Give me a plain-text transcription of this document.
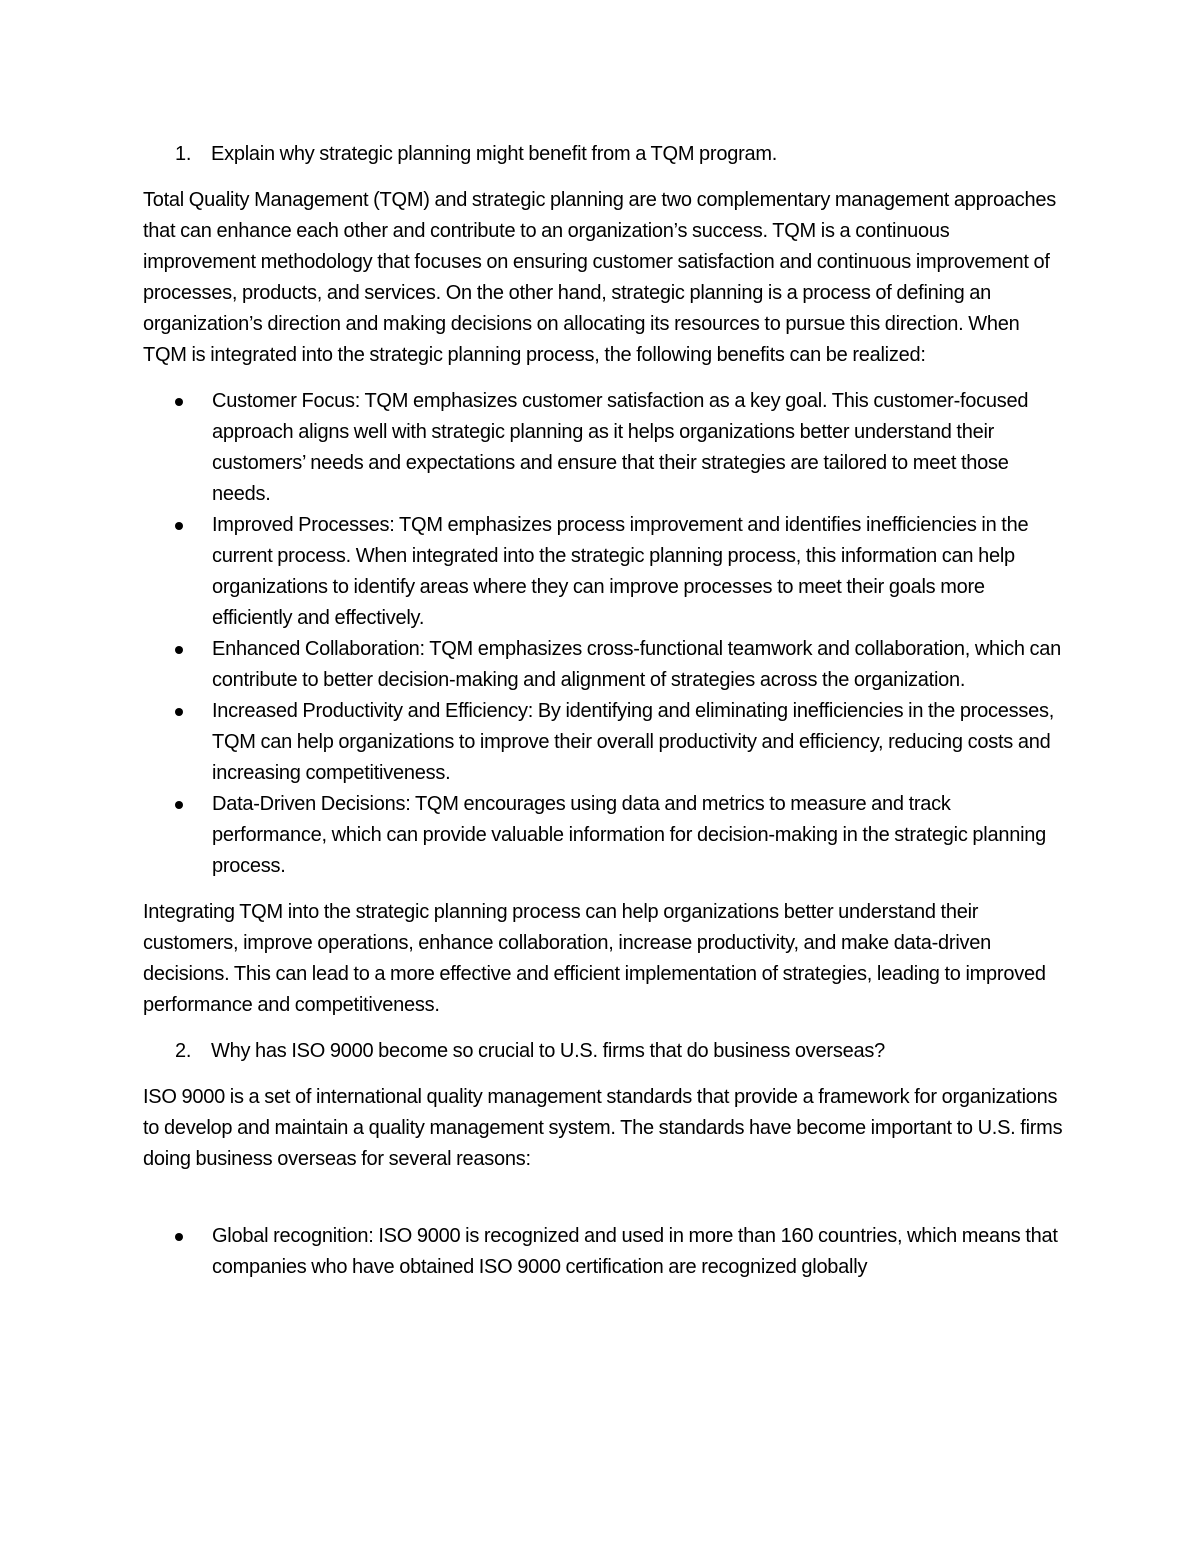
1. Explain why strategic planning might benefit from a TQM program.

Total Quality Management (TQM) and strategic planning are two complementary management approaches that can enhance each other and contribute to an organization’s success. TQM is a continuous improvement methodology that focuses on ensuring customer satisfaction and continuous improvement of processes, products, and services. On the other hand, strategic planning is a process of defining an organization’s direction and making decisions on allocating its resources to pursue this direction. When TQM is integrated into the strategic planning process, the following benefits can be realized:

Customer Focus: TQM emphasizes customer satisfaction as a key goal. This customer-focused approach aligns well with strategic planning as it helps organizations better understand their customers’ needs and expectations and ensure that their strategies are tailored to meet those needs.
Improved Processes: TQM emphasizes process improvement and identifies inefficiencies in the current process. When integrated into the strategic planning process, this information can help organizations to identify areas where they can improve processes to meet their goals more efficiently and effectively.
Enhanced Collaboration: TQM emphasizes cross-functional teamwork and collaboration, which can contribute to better decision-making and alignment of strategies across the organization.
Increased Productivity and Efficiency: By identifying and eliminating inefficiencies in the processes, TQM can help organizations to improve their overall productivity and efficiency, reducing costs and increasing competitiveness.
Data-Driven Decisions: TQM encourages using data and metrics to measure and track performance, which can provide valuable information for decision-making in the strategic planning process.

Integrating TQM into the strategic planning process can help organizations better understand their customers, improve operations, enhance collaboration, increase productivity, and make data-driven decisions. This can lead to a more effective and efficient implementation of strategies, leading to improved performance and competitiveness.

2. Why has ISO 9000 become so crucial to U.S. firms that do business overseas?

ISO 9000 is a set of international quality management standards that provide a framework for organizations to develop and maintain a quality management system. The standards have become important to U.S. firms doing business overseas for several reasons:

Global recognition: ISO 9000 is recognized and used in more than 160 countries, which means that companies who have obtained ISO 9000 certification are recognized globally
